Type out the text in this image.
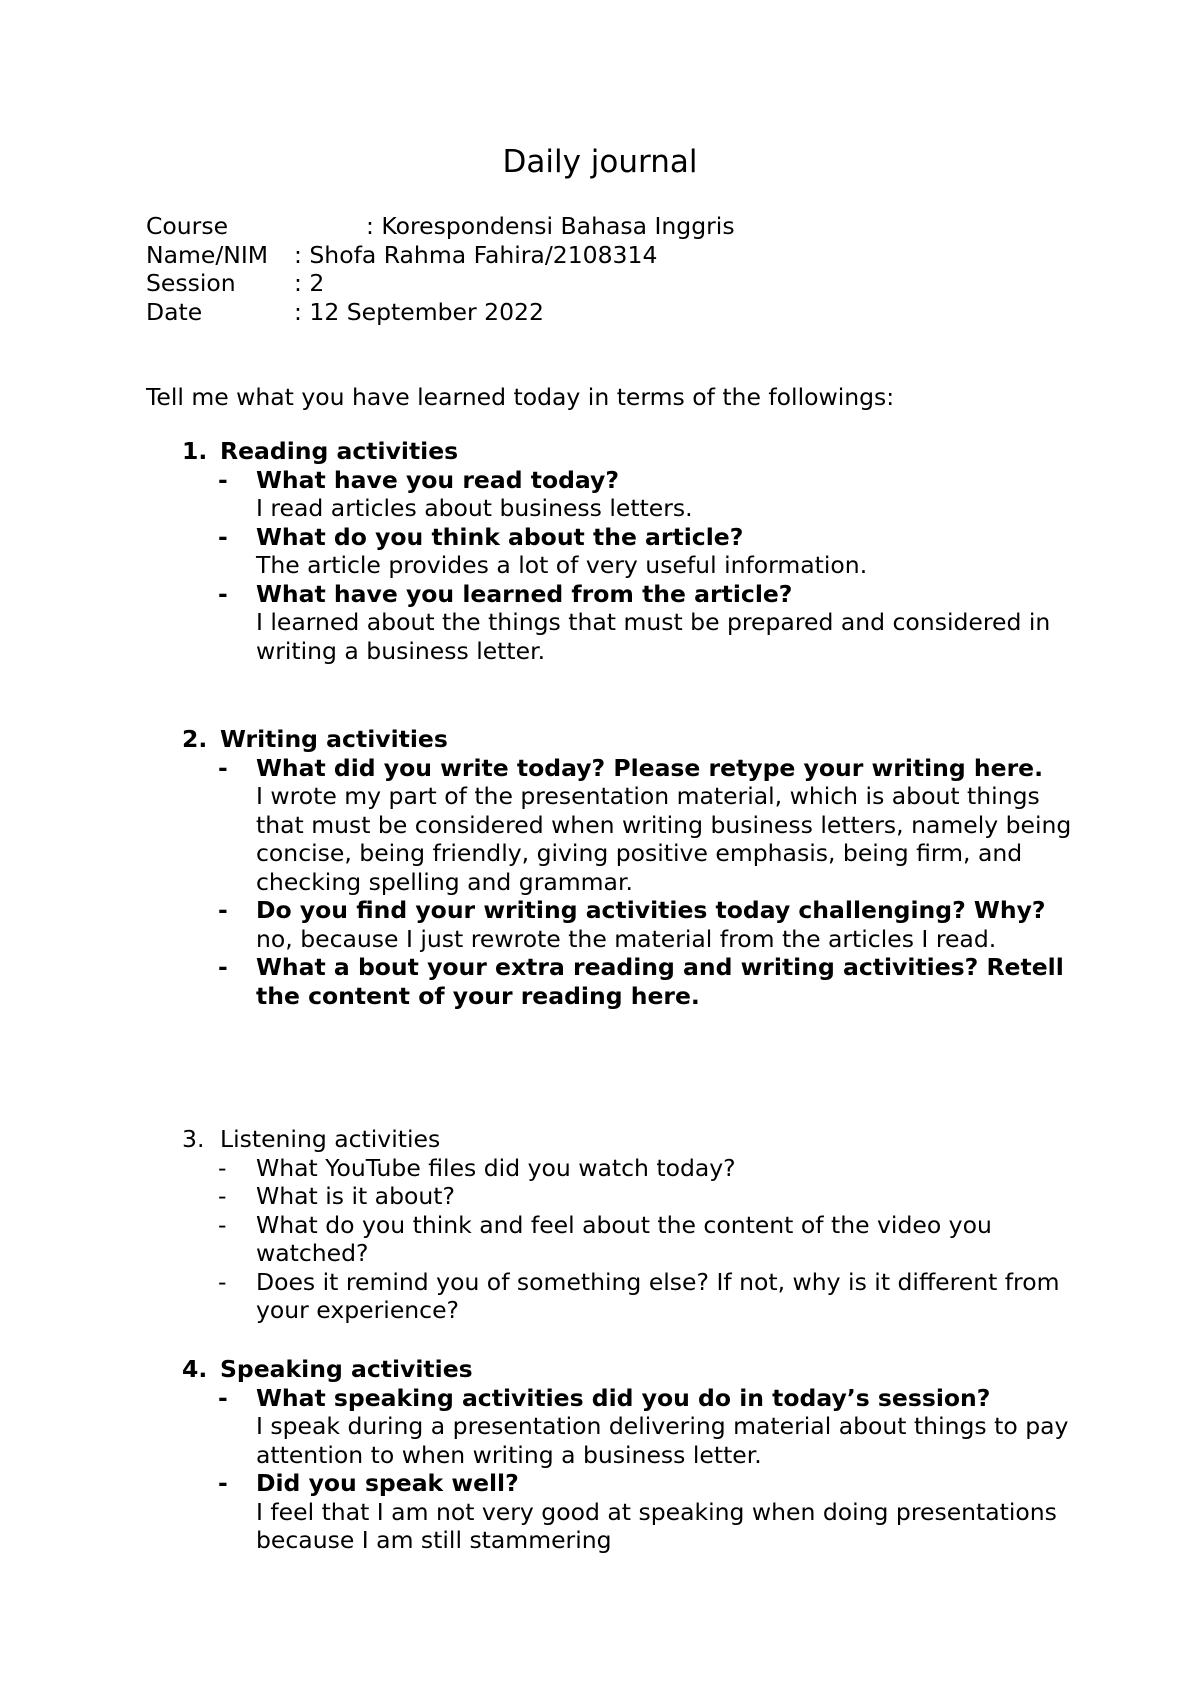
Daily journal
Course	: Korespondensi Bahasa Inggris
Name/NIM : Shofa Rahma Fahira/2108314
Session : 2
Date	: 12 September 2022

Tell me what you have learned today in terms of the followings:

1. Reading activities
- What have you read today?
I read articles about business letters.
- What do you think about the article?
The article provides a lot of very useful information.
- What have you learned from the article?
I learned about the things that must be prepared and considered in writing a business letter.
2. Writing activities
- What did you write today? Please retype your writing here.
I wrote my part of the presentation material, which is about things that must be considered when writing business letters, namely being concise, being friendly, giving positive emphasis, being firm, and checking spelling and grammar.
- Do you find your writing activities today challenging? Why?
no, because I just rewrote the material from the articles I read.
- What a bout your extra reading and writing activities? Retell the content of your reading here.
3. Listening activities
- What YouTube files did you watch today?
- What is it about?
- What do you think and feel about the content of the video you watched?
- Does it remind you of something else? If not, why is it different from your experience?
4. Speaking activities
- What speaking activities did you do in today’s session?
I speak during a presentation delivering material about things to pay attention to when writing a business letter.
- Did you speak well?
I feel that I am not very good at speaking when doing presentations because I am still stammering
